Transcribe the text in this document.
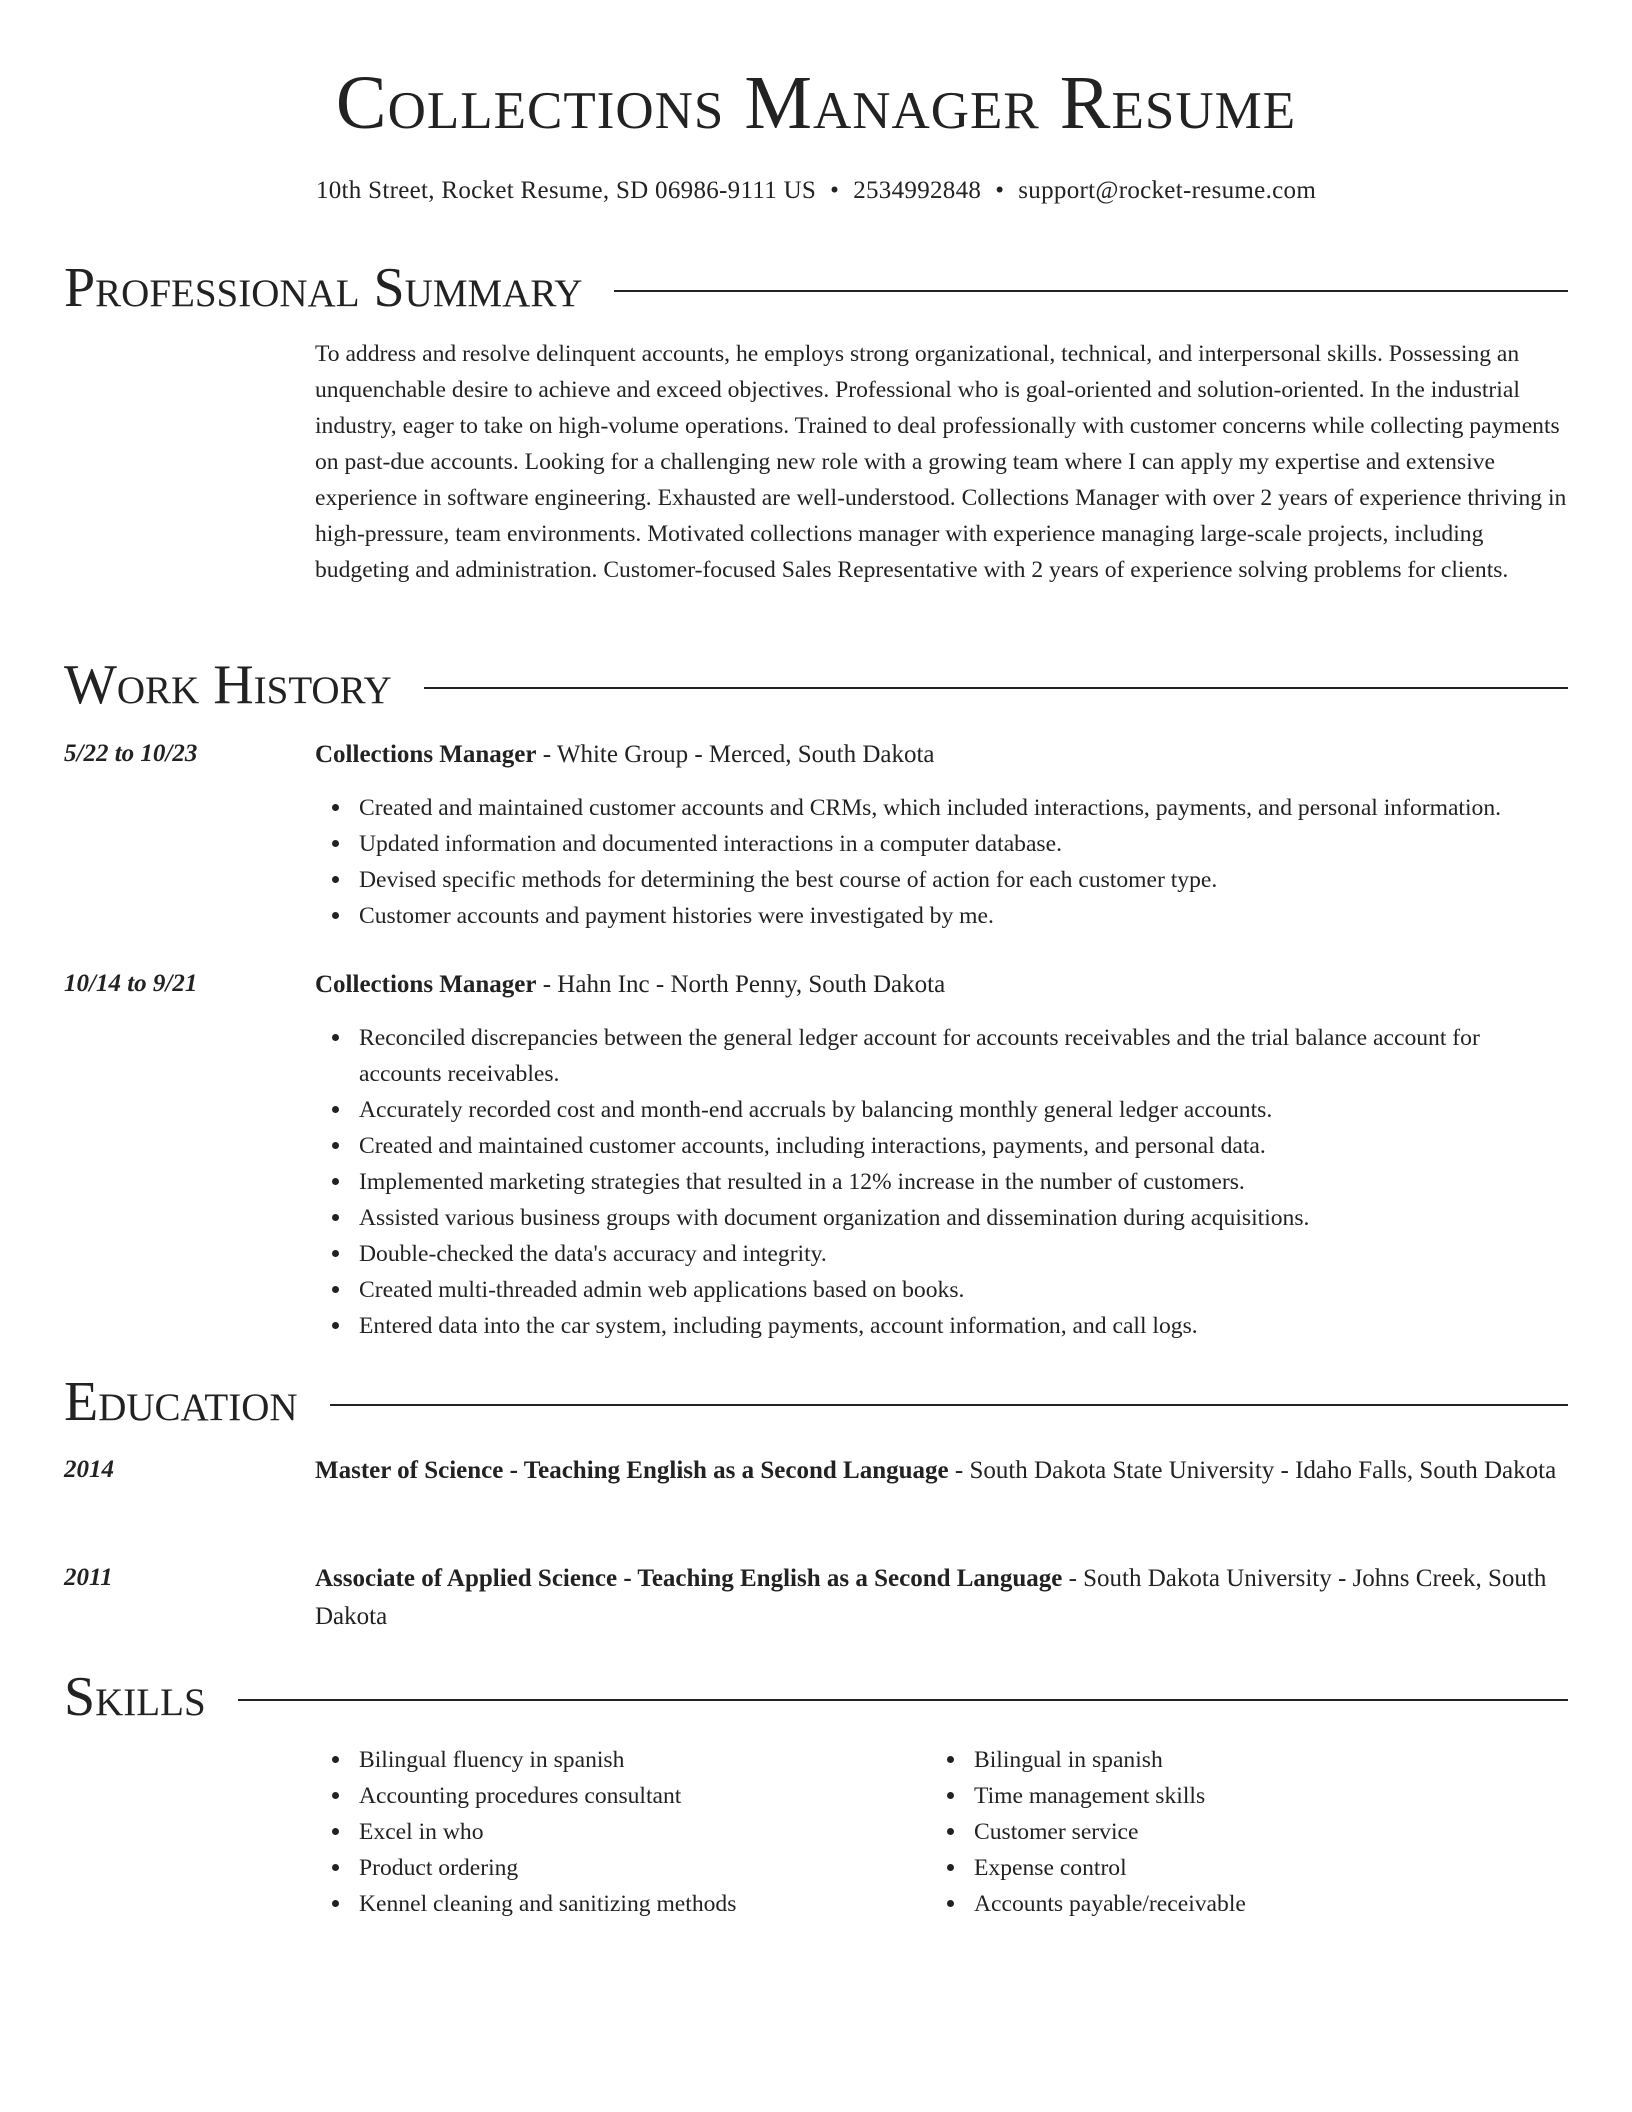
Collections Manager Resume
10th Street, Rocket Resume, SD 06986-9111 US • 2534992848 • support@rocket-resume.com
Professional Summary

To address and resolve delinquent accounts, he employs strong organizational, technical, and interpersonal skills. Possessing an unquenchable desire to achieve and exceed objectives. Professional who is goal-oriented and solution-oriented. In the industrial industry, eager to take on high-volume operations. Trained to deal professionally with customer concerns while collecting payments on past-due accounts. Looking for a challenging new role with a growing team where I can apply my expertise and extensive experience in software engineering. Exhausted are well-understood. Collections Manager with over 2 years of experience thriving in high-pressure, team environments. Motivated collections manager with experience managing large-scale projects, including budgeting and administration. Customer-focused Sales Representative with 2 years of experience solving problems for clients.

Work History
5/22 to 10/23	Collections Manager - White Group - Merced, South Dakota
Created and maintained customer accounts and CRMs, which included interactions, payments, and personal information.
Updated information and documented interactions in a computer database.
Devised specific methods for determining the best course of action for each customer type.
Customer accounts and payment histories were investigated by me.
10/14 to 9/21	Collections Manager - Hahn Inc - North Penny, South Dakota
Reconciled discrepancies between the general ledger account for accounts receivables and the trial balance account for accounts receivables.
Accurately recorded cost and month-end accruals by balancing monthly general ledger accounts.
Created and maintained customer accounts, including interactions, payments, and personal data.
Implemented marketing strategies that resulted in a 12% increase in the number of customers.
Assisted various business groups with document organization and dissemination during acquisitions.
Double-checked the data's accuracy and integrity.
Created multi-threaded admin web applications based on books.
Entered data into the car system, including payments, account information, and call logs.
Education
2014	Master of Science - Teaching English as a Second Language - South Dakota State University - Idaho Falls, South Dakota
2011	Associate of Applied Science - Teaching English as a Second Language - South Dakota University - Johns Creek, South Dakota
Skills
Bilingual fluency in spanish
Accounting procedures consultant
Excel in who
Product ordering
Kennel cleaning and sanitizing methods
Bilingual in spanish
Time management skills
Customer service
Expense control
Accounts payable/receivable
